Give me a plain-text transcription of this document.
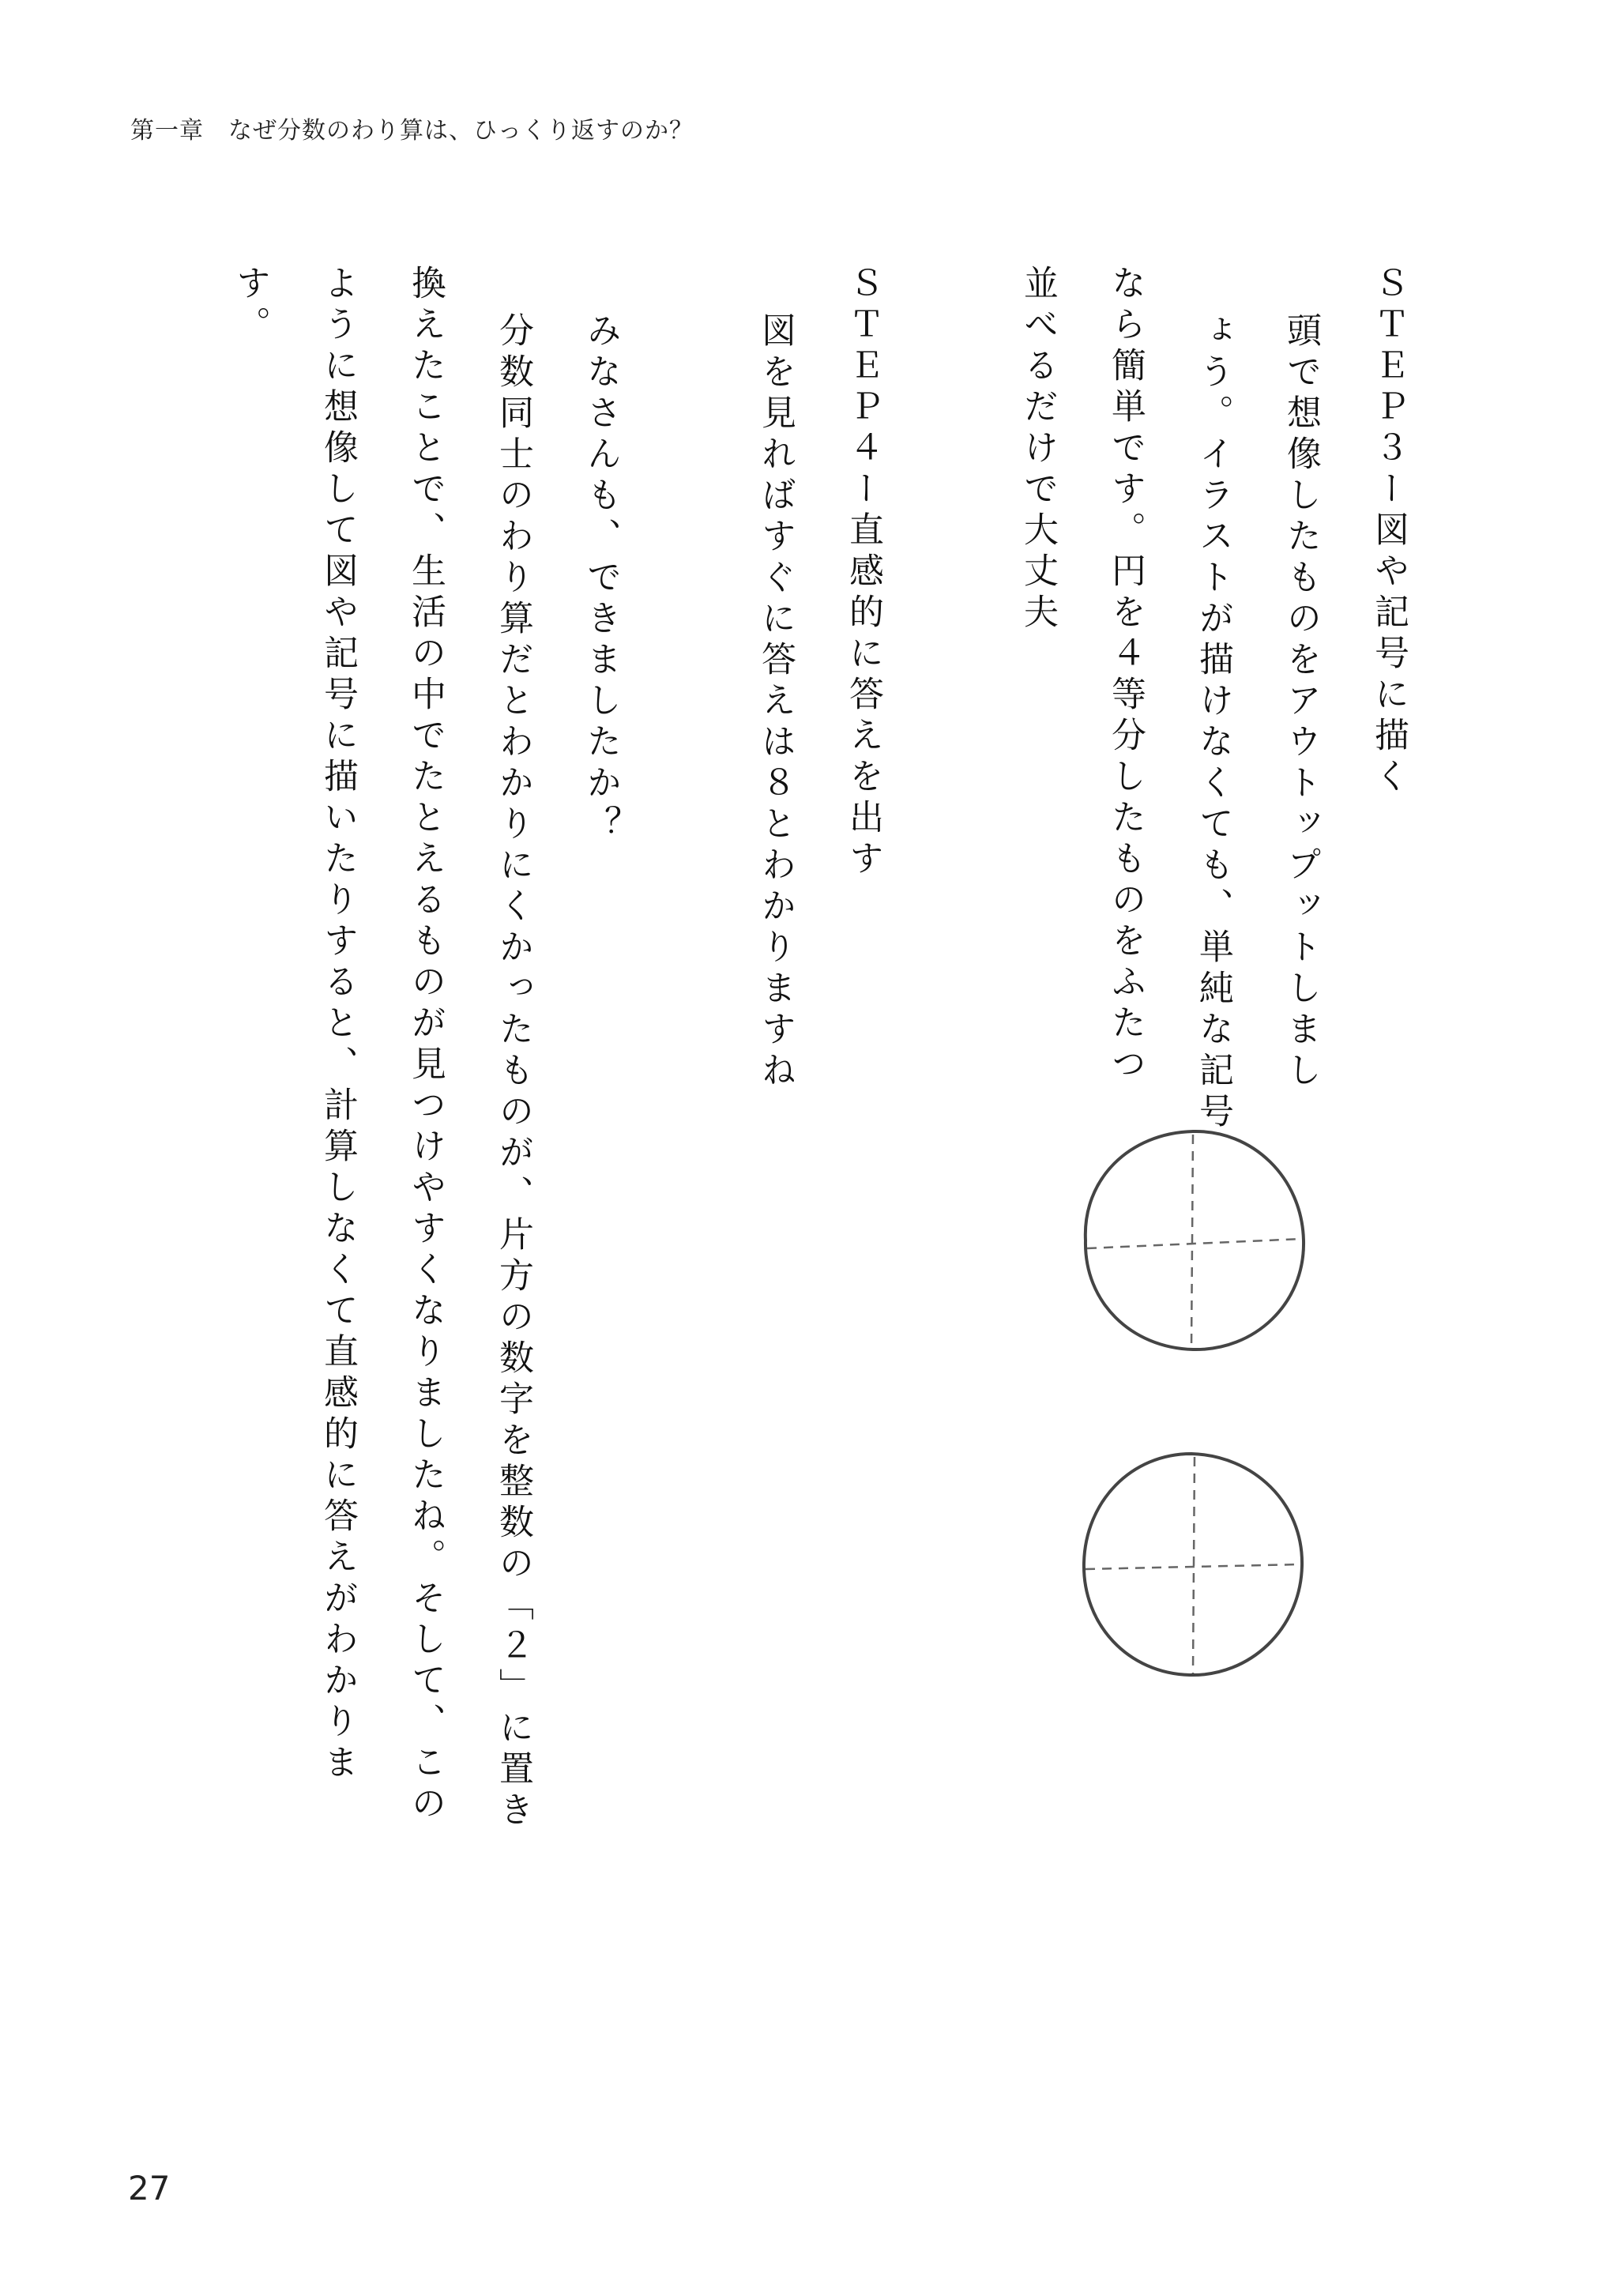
第一章　なぜ分数のわり算は、ひっくり返すのか？
ＳＴＥＰ３ー図や記号に描く
頭で想像したものをアウトップットしまし
ょう。イラストが描けなくても、単純な記号
なら簡単です。円を４等分したものをふたつ
並べるだけで大丈夫
ＳＴＥＰ４ー直感的に答えを出す
図を見ればすぐに答えは８とわかりますね
みなさんも、できましたか？
分数同士のわり算だとわかりにくかったものが、片方の数字を整数の「２」に置き
換えたことで、生活の中でたとえるものが見つけやすくなりましたね。そして、この
ように想像して図や記号に描いたりすると、計算しなくて直感的に答えがわかりま
す。
27
